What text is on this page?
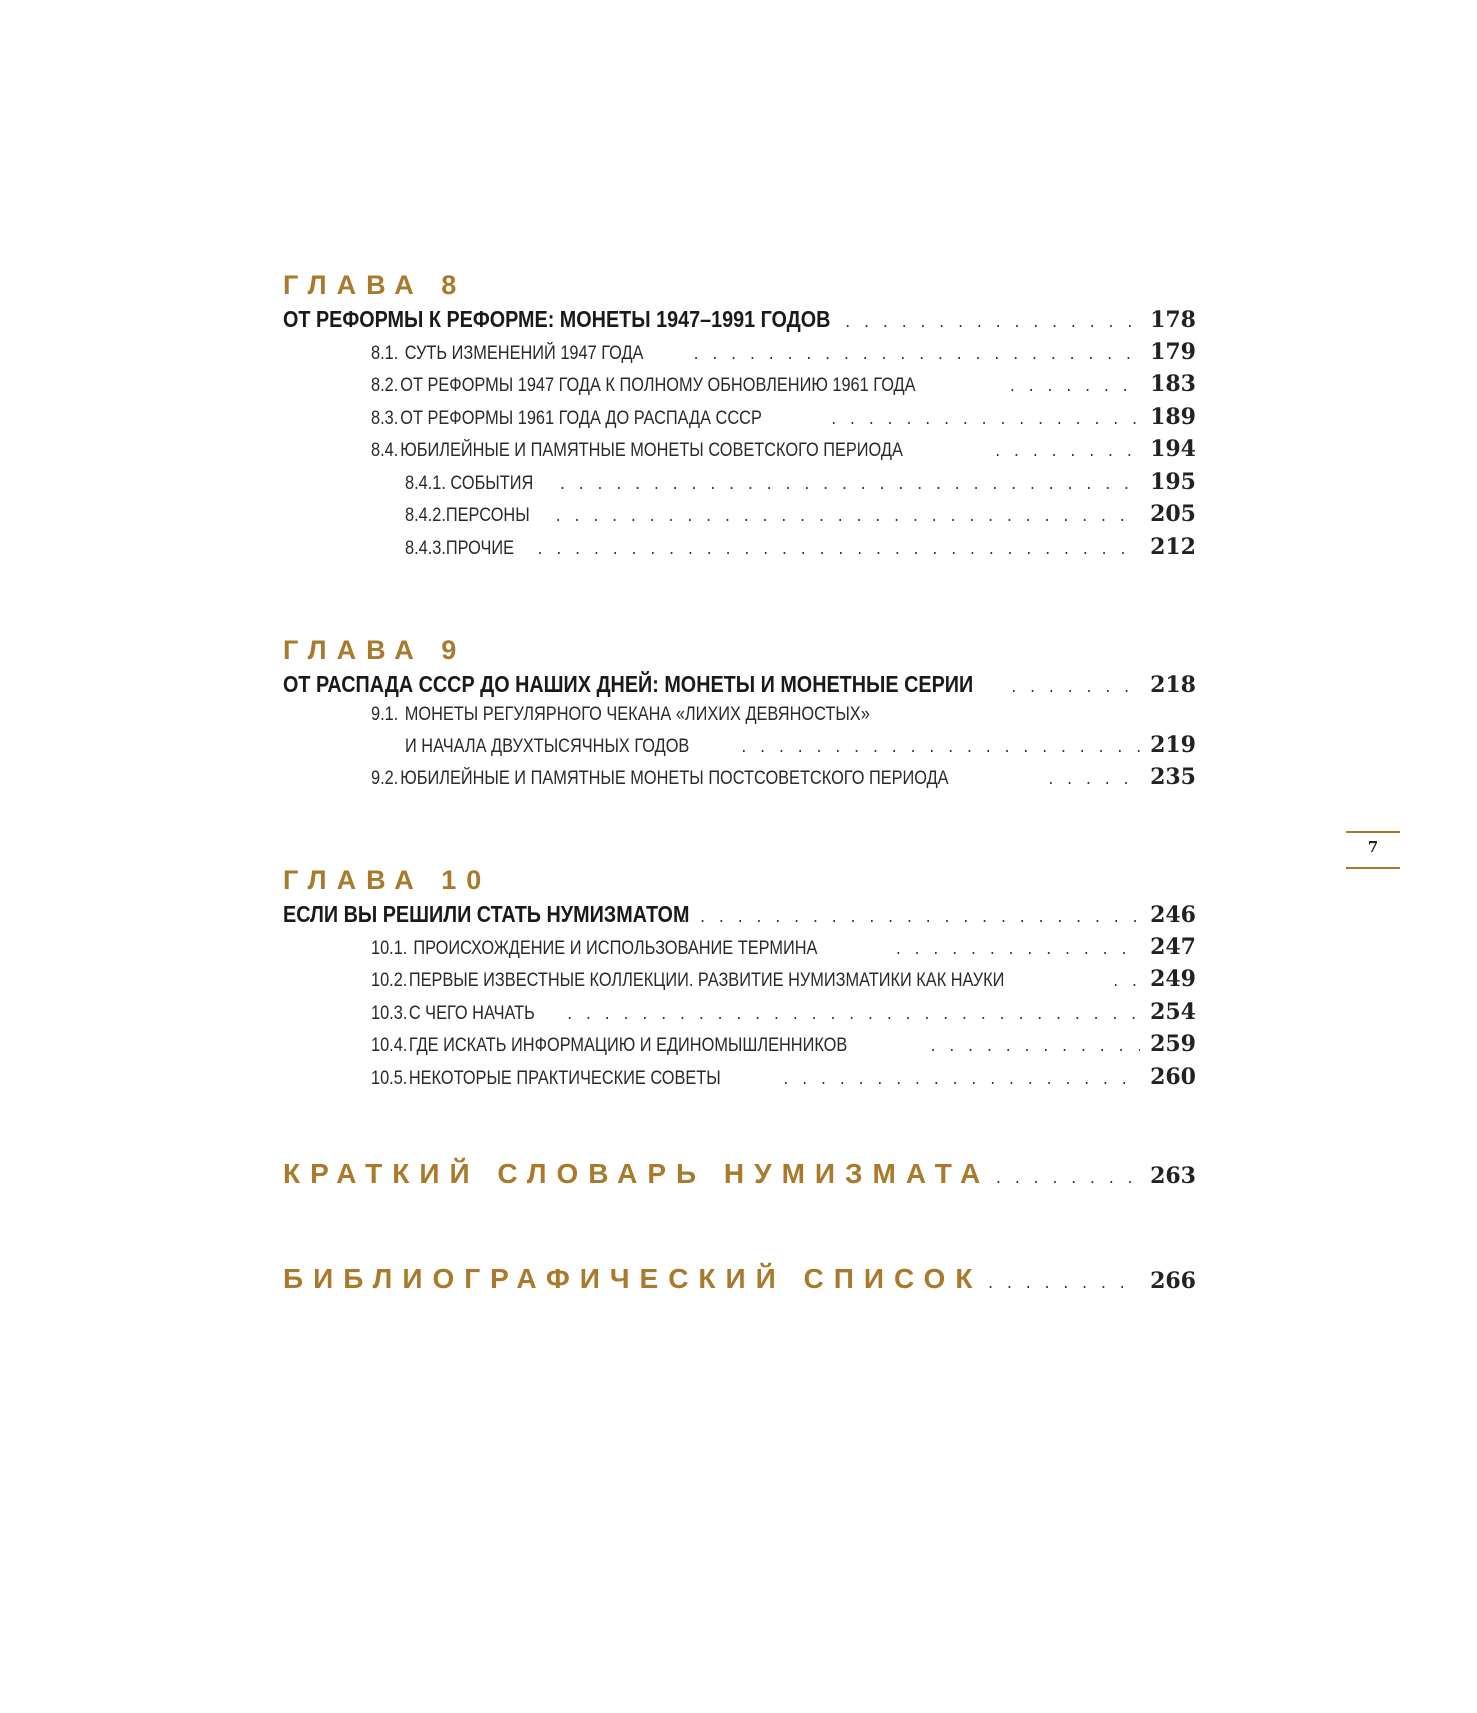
ГЛАВА 8
ОТ РЕФОРМЫ К РЕФОРМЕ: МОНЕТЫ 1947–1991 ГОДОВ . . .	178
8.1. СУТЬ ИЗМЕНЕНИЙ 1947 ГОДА . . .	179
8.2. ОТ РЕФОРМЫ 1947 ГОДА К ПОЛНОМУ ОБНОВЛЕНИЮ 1961 ГОДА . . .	183
8.3. ОТ РЕФОРМЫ 1961 ГОДА ДО РАСПАДА СССР . . .	189
8.4. ЮБИЛЕЙНЫЕ И ПАМЯТНЫЕ МОНЕТЫ СОВЕТСКОГО ПЕРИОДА . . .	194
8.4.1. СОБЫТИЯ . . .	195
8.4.2.ПЕРСОНЫ . . .	205
8.4.3.ПРОЧИЕ . . .	212
ГЛАВА 9
ОТ РАСПАДА СССР ДО НАШИХ ДНЕЙ: МОНЕТЫ И МОНЕТНЫЕ СЕРИИ . . .	218
9.1. МОНЕТЫ РЕГУЛЯРНОГО ЧЕКАНА «ЛИХИХ ДЕВЯНОСТЫХ»
И НАЧАЛА ДВУХТЫСЯЧНЫХ ГОДОВ . . .	219
9.2. ЮБИЛЕЙНЫЕ И ПАМЯТНЫЕ МОНЕТЫ ПОСТСОВЕТСКОГО ПЕРИОДА . . .	235
ГЛАВА 10
ЕСЛИ ВЫ РЕШИЛИ СТАТЬ НУМИЗМАТОМ . . .	246
10.1. ПРОИСХОЖДЕНИЕ И ИСПОЛЬЗОВАНИЕ ТЕРМИНА . . .	247
10.2.ПЕРВЫЕ ИЗВЕСТНЫЕ КОЛЛЕКЦИИ. РАЗВИТИЕ НУМИЗМАТИКИ КАК НАУКИ . . .	249
10.3.С ЧЕГО НАЧАТЬ . . .	254
10.4.ГДЕ ИСКАТЬ ИНФОРМАЦИЮ И ЕДИНОМЫШЛЕННИКОВ . . .	259
10.5.НЕКОТОРЫЕ ПРАКТИЧЕСКИЕ СОВЕТЫ . . .	260
КРАТКИЙ СЛОВАРЬ НУМИЗМАТА . . .	263
БИБЛИОГРАФИЧЕСКИЙ СПИСОК . . .	266
7
